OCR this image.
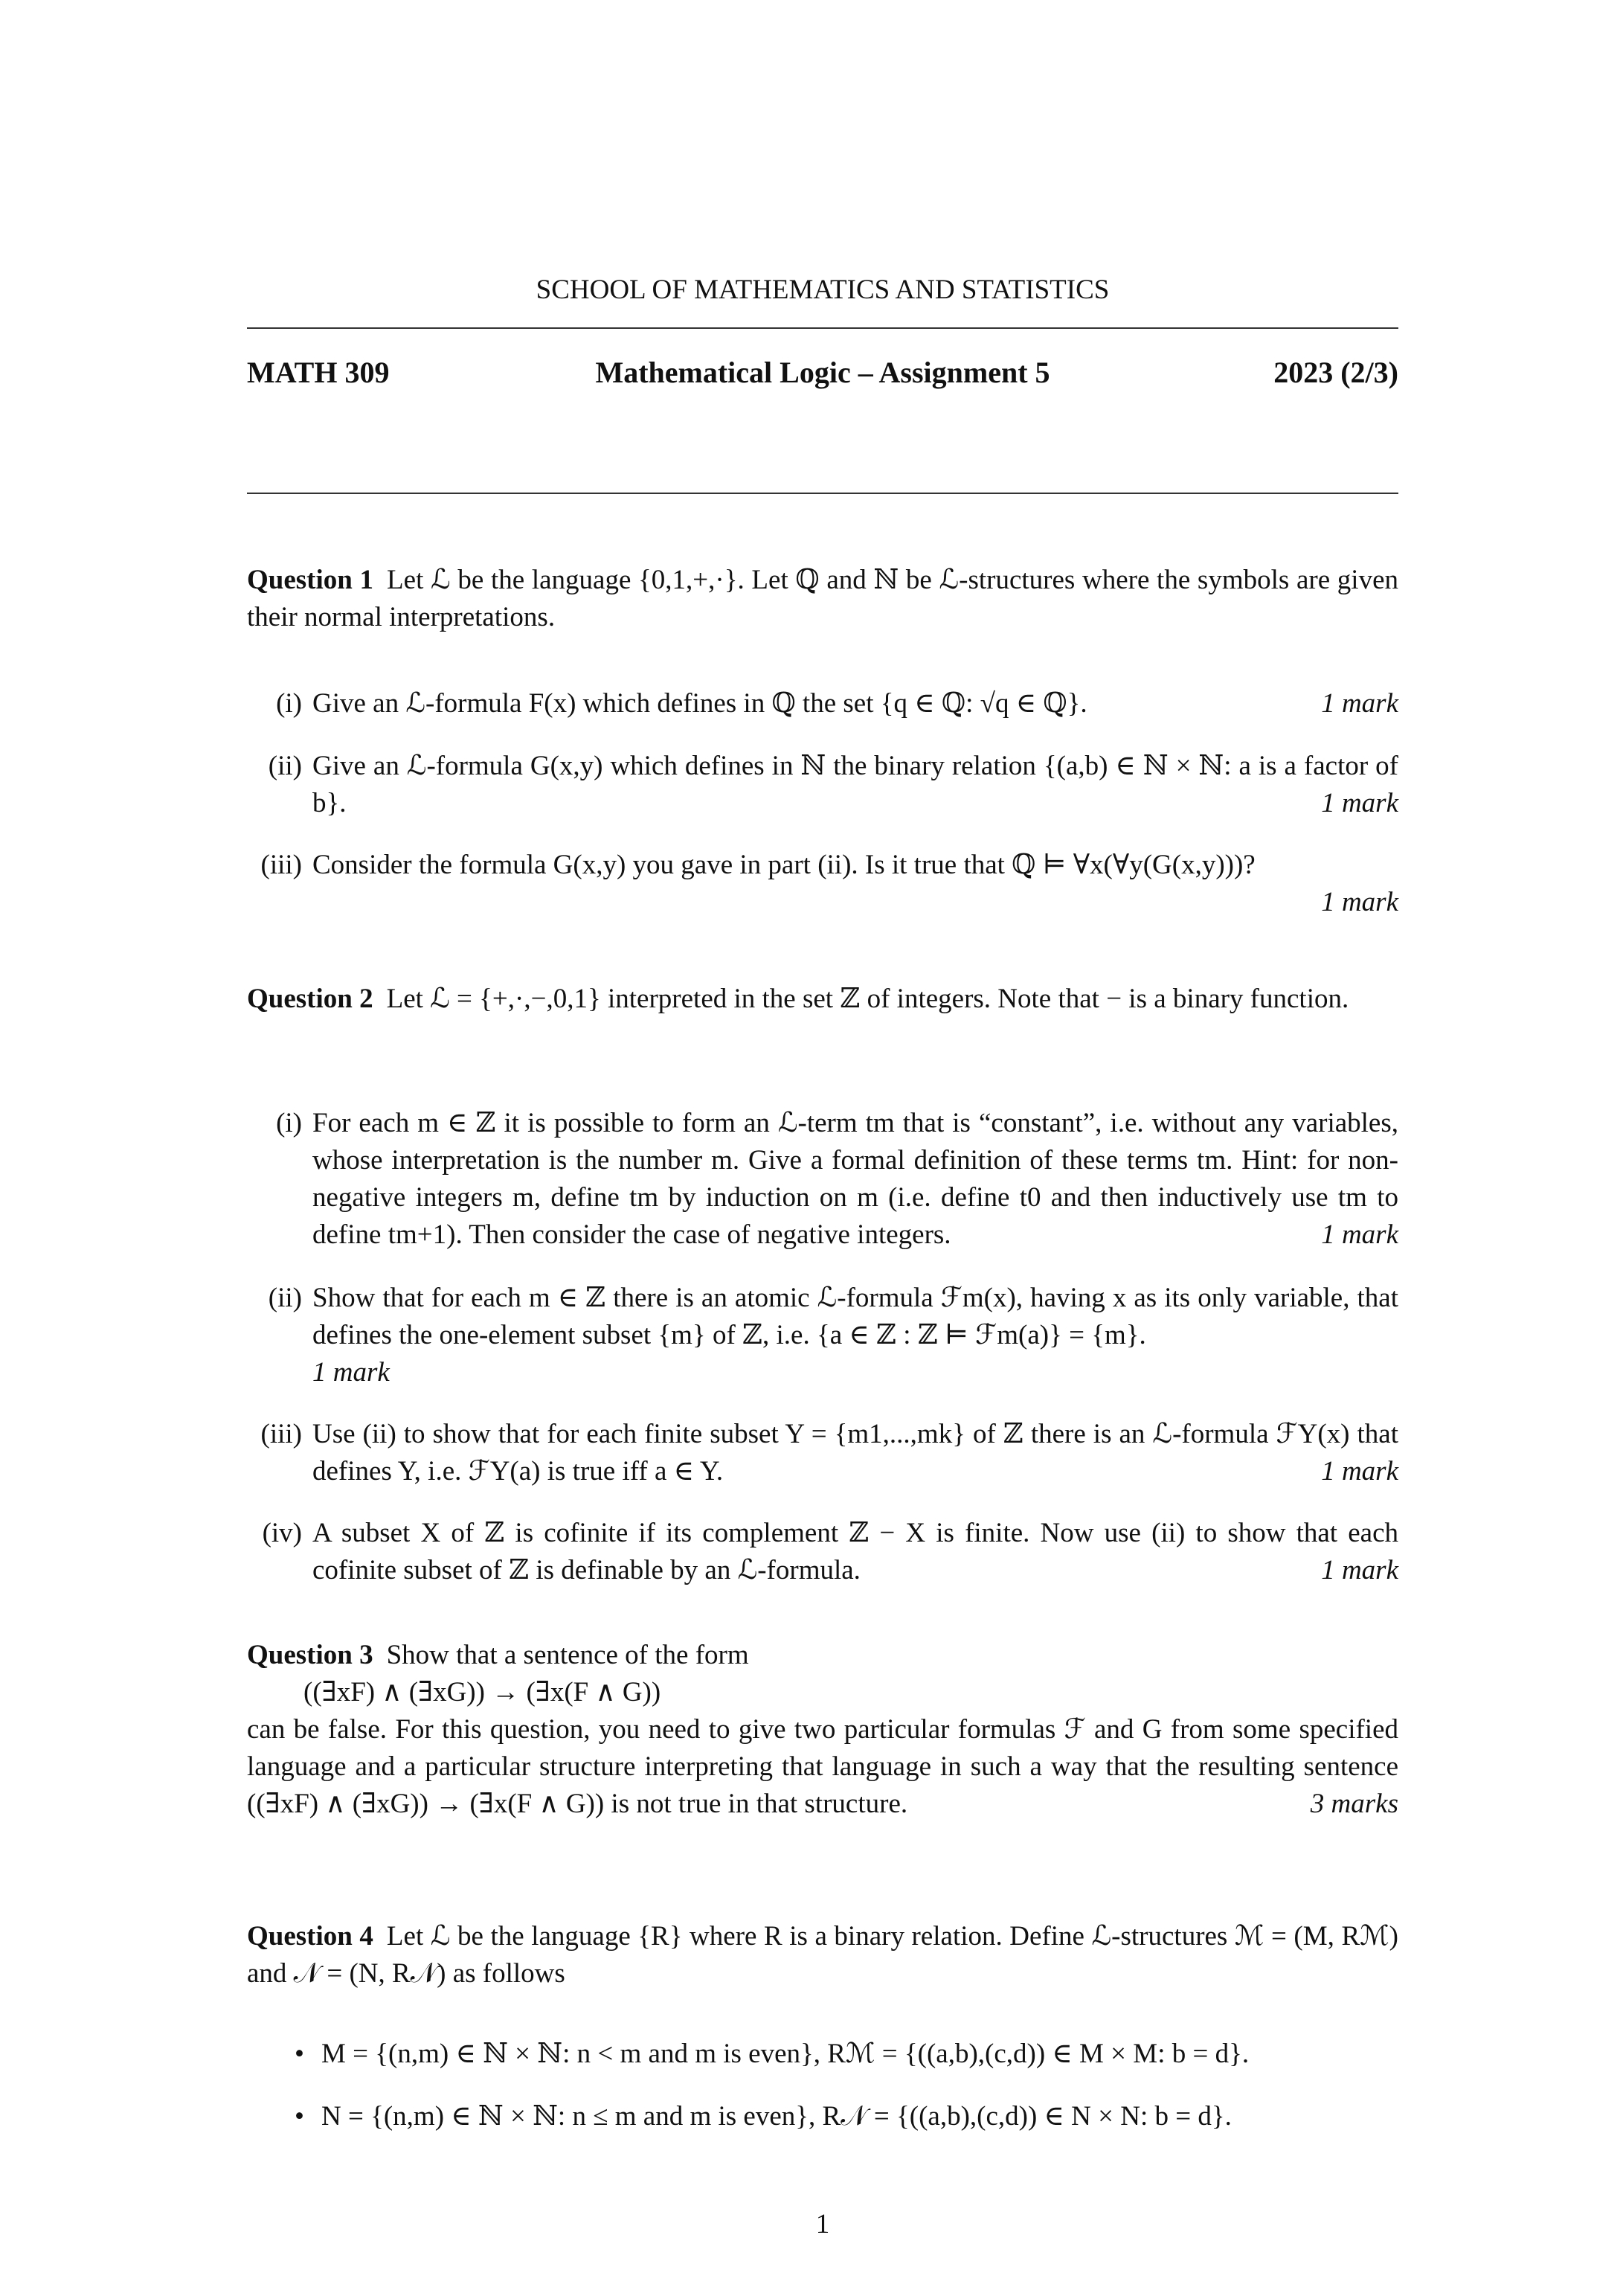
SCHOOL OF MATHEMATICS AND STATISTICS
MATH 309	Mathematical Logic – Assignment 5	2023 (2/3)

Question 1 Let ℒ be the language {0,1,+,·}. Let ℚ and ℕ be ℒ-structures where the symbols are given their normal interpretations.

(i) Give an ℒ-formula F(x) which defines in ℚ the set {q ∈ ℚ: √q ∈ ℚ}.	1 mark
(ii) Give an ℒ-formula G(x,y) which defines in ℕ the binary relation {(a,b) ∈ ℕ × ℕ: a is a factor of b}.	1 mark
(iii) Consider the formula G(x,y) you gave in part (ii). Is it true that ℚ ⊨ ∀x(∀y(G(x,y)))?
1 mark

Question 2 Let ℒ = {+,·,−,0,1} interpreted in the set ℤ of integers. Note that − is a binary function.

(i) For each m ∈ ℤ it is possible to form an ℒ-term tm that is “constant”, i.e. without any variables, whose interpretation is the number m. Give a formal definition of these terms tm. Hint: for non-negative integers m, define tm by induction on m (i.e. define t0 and then inductively use tm to define tm+1). Then consider the case of negative integers.	1 mark
(ii) Show that for each m ∈ ℤ there is an atomic ℒ-formula ℱm(x), having x as its only variable, that defines the one-element subset {m} of ℤ, i.e. {a ∈ ℤ : ℤ ⊨ ℱm(a)} = {m}.
1 mark
(iii) Use (ii) to show that for each finite subset Y = {m1,...,mk} of ℤ there is an ℒ-formula ℱY(x) that defines Y, i.e. ℱY(a) is true iff a ∈ Y.	1 mark
(iv) A subset X of ℤ is cofinite if its complement ℤ − X is finite. Now use (ii) to show that each cofinite subset of ℤ is definable by an ℒ-formula.	1 mark

Question 3 Show that a sentence of the form

((∃xF) ∧ (∃xG)) → (∃x(F ∧ G))

can be false. For this question, you need to give two particular formulas ℱ and G from some specified language and a particular structure interpreting that language in such a way that the resulting sentence ((∃xF) ∧ (∃xG)) → (∃x(F ∧ G)) is not true in that structure.	3 marks

Question 4 Let ℒ be the language {R} where R is a binary relation. Define ℒ-structures ℳ = (M, Rℳ) and 𝒩 = (N, R𝒩) as follows

• M = {(n,m) ∈ ℕ × ℕ: n < m and m is even}, Rℳ = {((a,b),(c,d)) ∈ M × M: b = d}.
• N = {(n,m) ∈ ℕ × ℕ: n ≤ m and m is even}, R𝒩 = {((a,b),(c,d)) ∈ N × N: b = d}.
1
